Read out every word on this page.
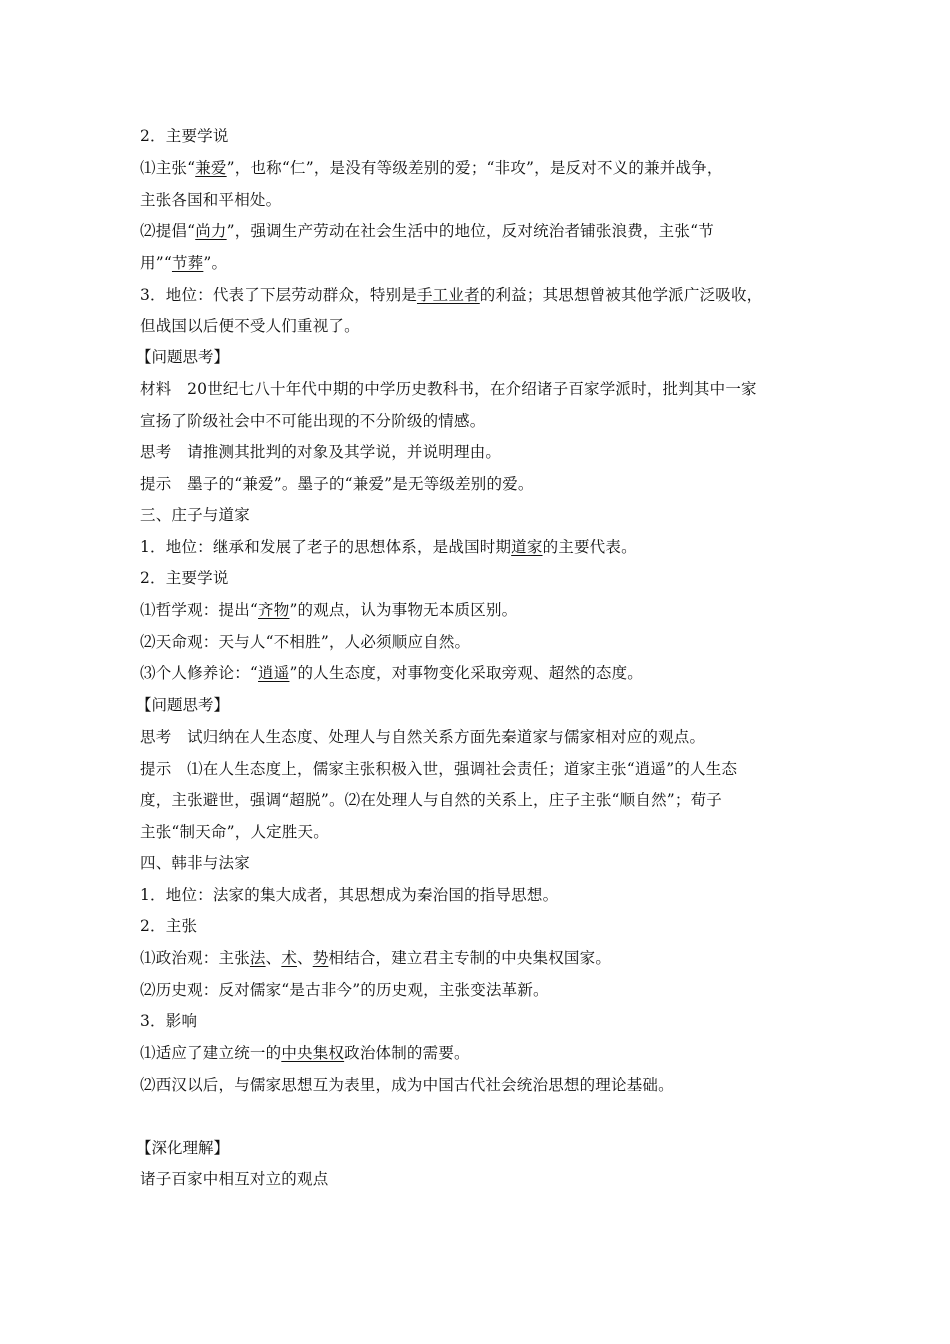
2．主要学说
⑴主张“兼爱”，也称“仁”，是没有等级差别的爱；“非攻”，是反对不义的兼并战争，
主张各国和平相处。
⑵提倡“尚力”，强调生产劳动在社会生活中的地位，反对统治者铺张浪费，主张“节
用”“节葬”。
3．地位：代表了下层劳动群众，特别是手工业者的利益；其思想曾被其他学派广泛吸收，
但战国以后便不受人们重视了。
【问题思考】
材料　20世纪七八十年代中期的中学历史教科书，在介绍诸子百家学派时，批判其中一家
宣扬了阶级社会中不可能出现的不分阶级的情感。
思考　请推测其批判的对象及其学说，并说明理由。
提示　墨子的“兼爱”。墨子的“兼爱”是无等级差别的爱。
三、庄子与道家
1．地位：继承和发展了老子的思想体系，是战国时期道家的主要代表。
2．主要学说
⑴哲学观：提出“齐物”的观点，认为事物无本质区别。
⑵天命观：天与人“不相胜”，人必须顺应自然。
⑶个人修养论：“逍遥”的人生态度，对事物变化采取旁观、超然的态度。
【问题思考】
思考　试归纳在人生态度、处理人与自然关系方面先秦道家与儒家相对应的观点。
提示　⑴在人生态度上，儒家主张积极入世，强调社会责任；道家主张“逍遥”的人生态
度，主张避世，强调“超脱”。⑵在处理人与自然的关系上，庄子主张“顺自然”；荀子
主张“制天命”，人定胜天。
四、韩非与法家
1．地位：法家的集大成者，其思想成为秦治国的指导思想。
2．主张
⑴政治观：主张法、术、势相结合，建立君主专制的中央集权国家。
⑵历史观：反对儒家“是古非今”的历史观，主张变法革新。
3．影响
⑴适应了建立统一的中央集权政治体制的需要。
⑵西汉以后，与儒家思想互为表里，成为中国古代社会统治思想的理论基础。
【深化理解】
诸子百家中相互对立的观点
